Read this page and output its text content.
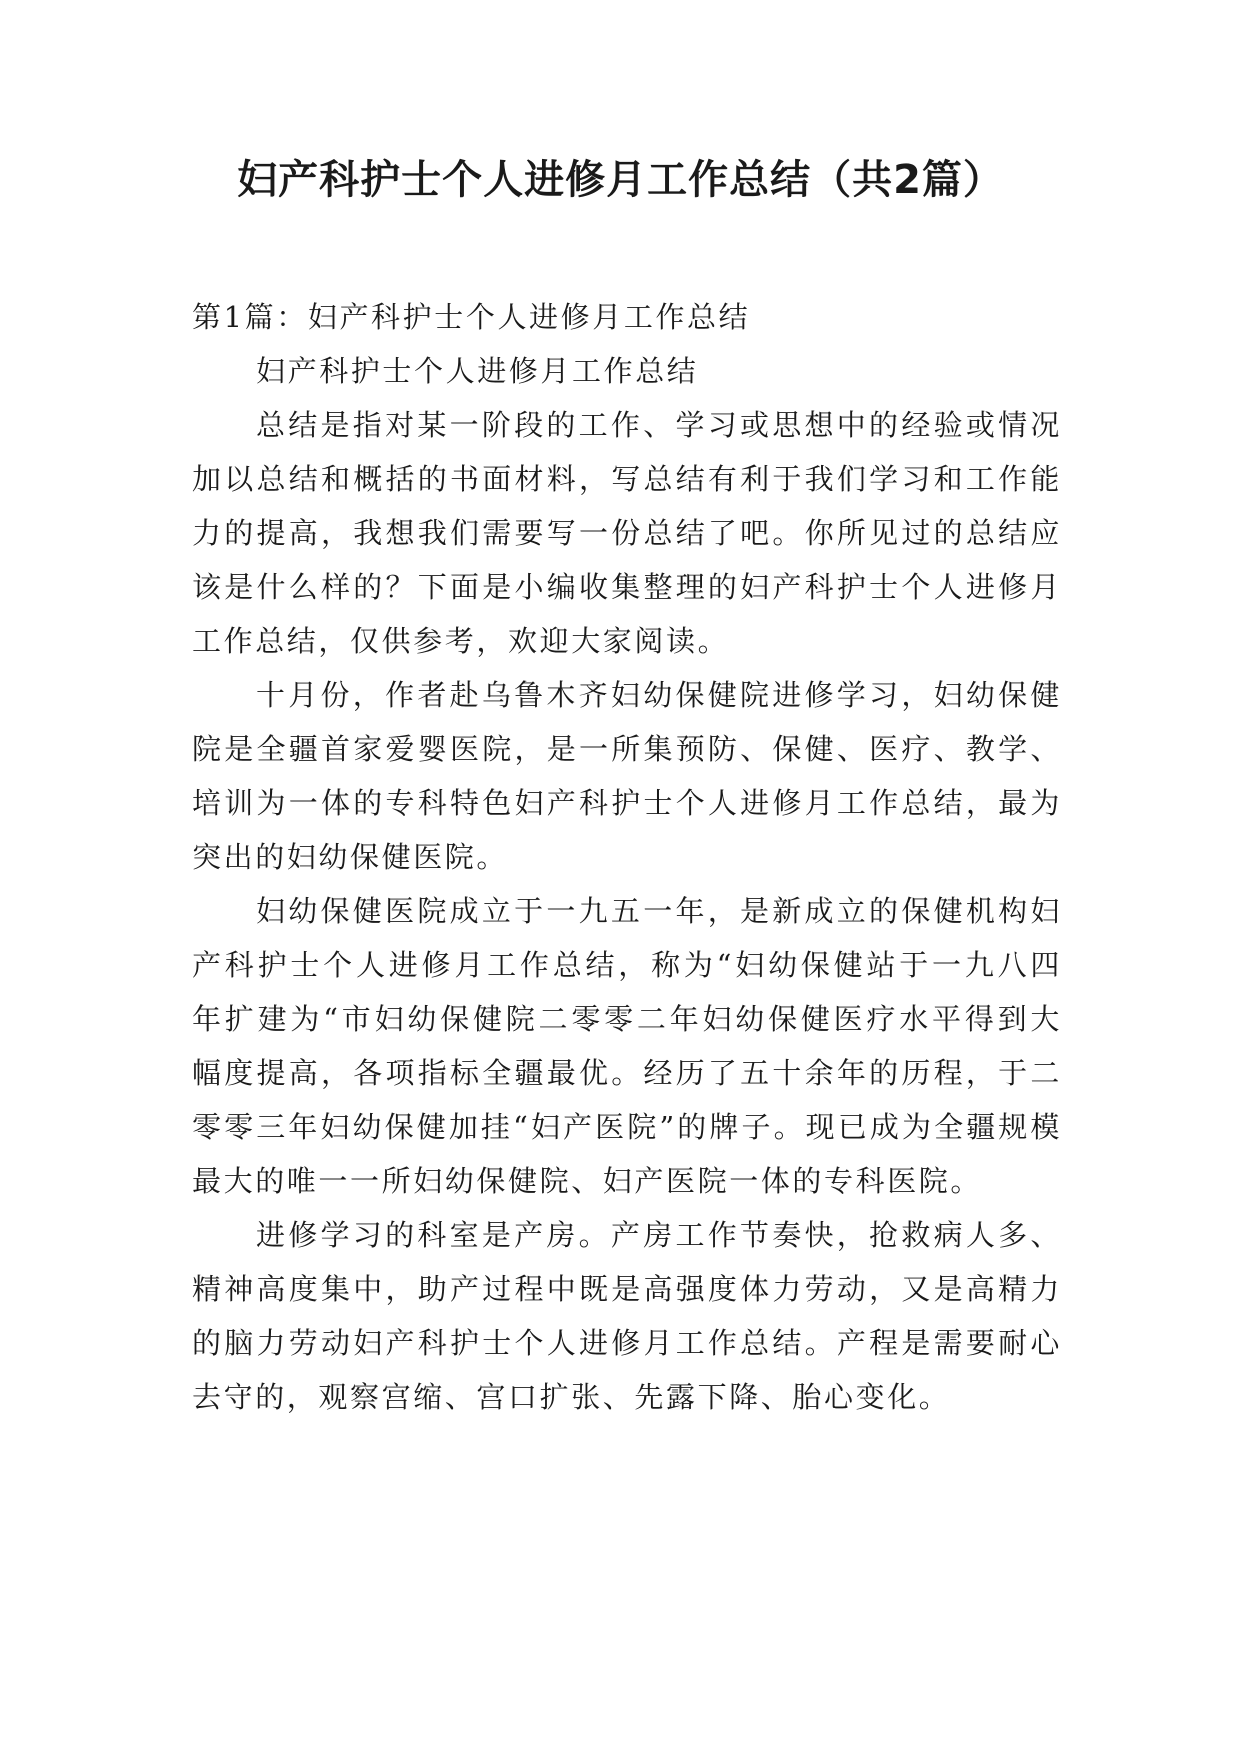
妇产科护士个人进修月工作总结（共2篇）

第1篇：妇产科护士个人进修月工作总结

妇产科护士个人进修月工作总结

总结是指对某一阶段的工作、学习或思想中的经验或情况加以总结和概括的书面材料，写总结有利于我们学习和工作能力的提高，我想我们需要写一份总结了吧。你所见过的总结应该是什么样的？下面是小编收集整理的妇产科护士个人进修月工作总结，仅供参考，欢迎大家阅读。

十月份，作者赴乌鲁木齐妇幼保健院进修学习，妇幼保健院是全疆首家爱婴医院，是一所集预防、保健、医疗、教学、培训为一体的专科特色妇产科护士个人进修月工作总结，最为突出的妇幼保健医院。

妇幼保健医院成立于一九五一年，是新成立的保健机构妇产科护士个人进修月工作总结，称为“妇幼保健站于一九八四年扩建为“市妇幼保健院二零零二年妇幼保健医疗水平得到大幅度提高，各项指标全疆最优。经历了五十余年的历程，于二零零三年妇幼保健加挂“妇产医院”的牌子。现已成为全疆规模最大的唯一一所妇幼保健院、妇产医院一体的专科医院。

进修学习的科室是产房。产房工作节奏快，抢救病人多、精神高度集中，助产过程中既是高强度体力劳动，又是高精力的脑力劳动妇产科护士个人进修月工作总结。产程是需要耐心去守的，观察宫缩、宫口扩张、先露下降、胎心变化。
